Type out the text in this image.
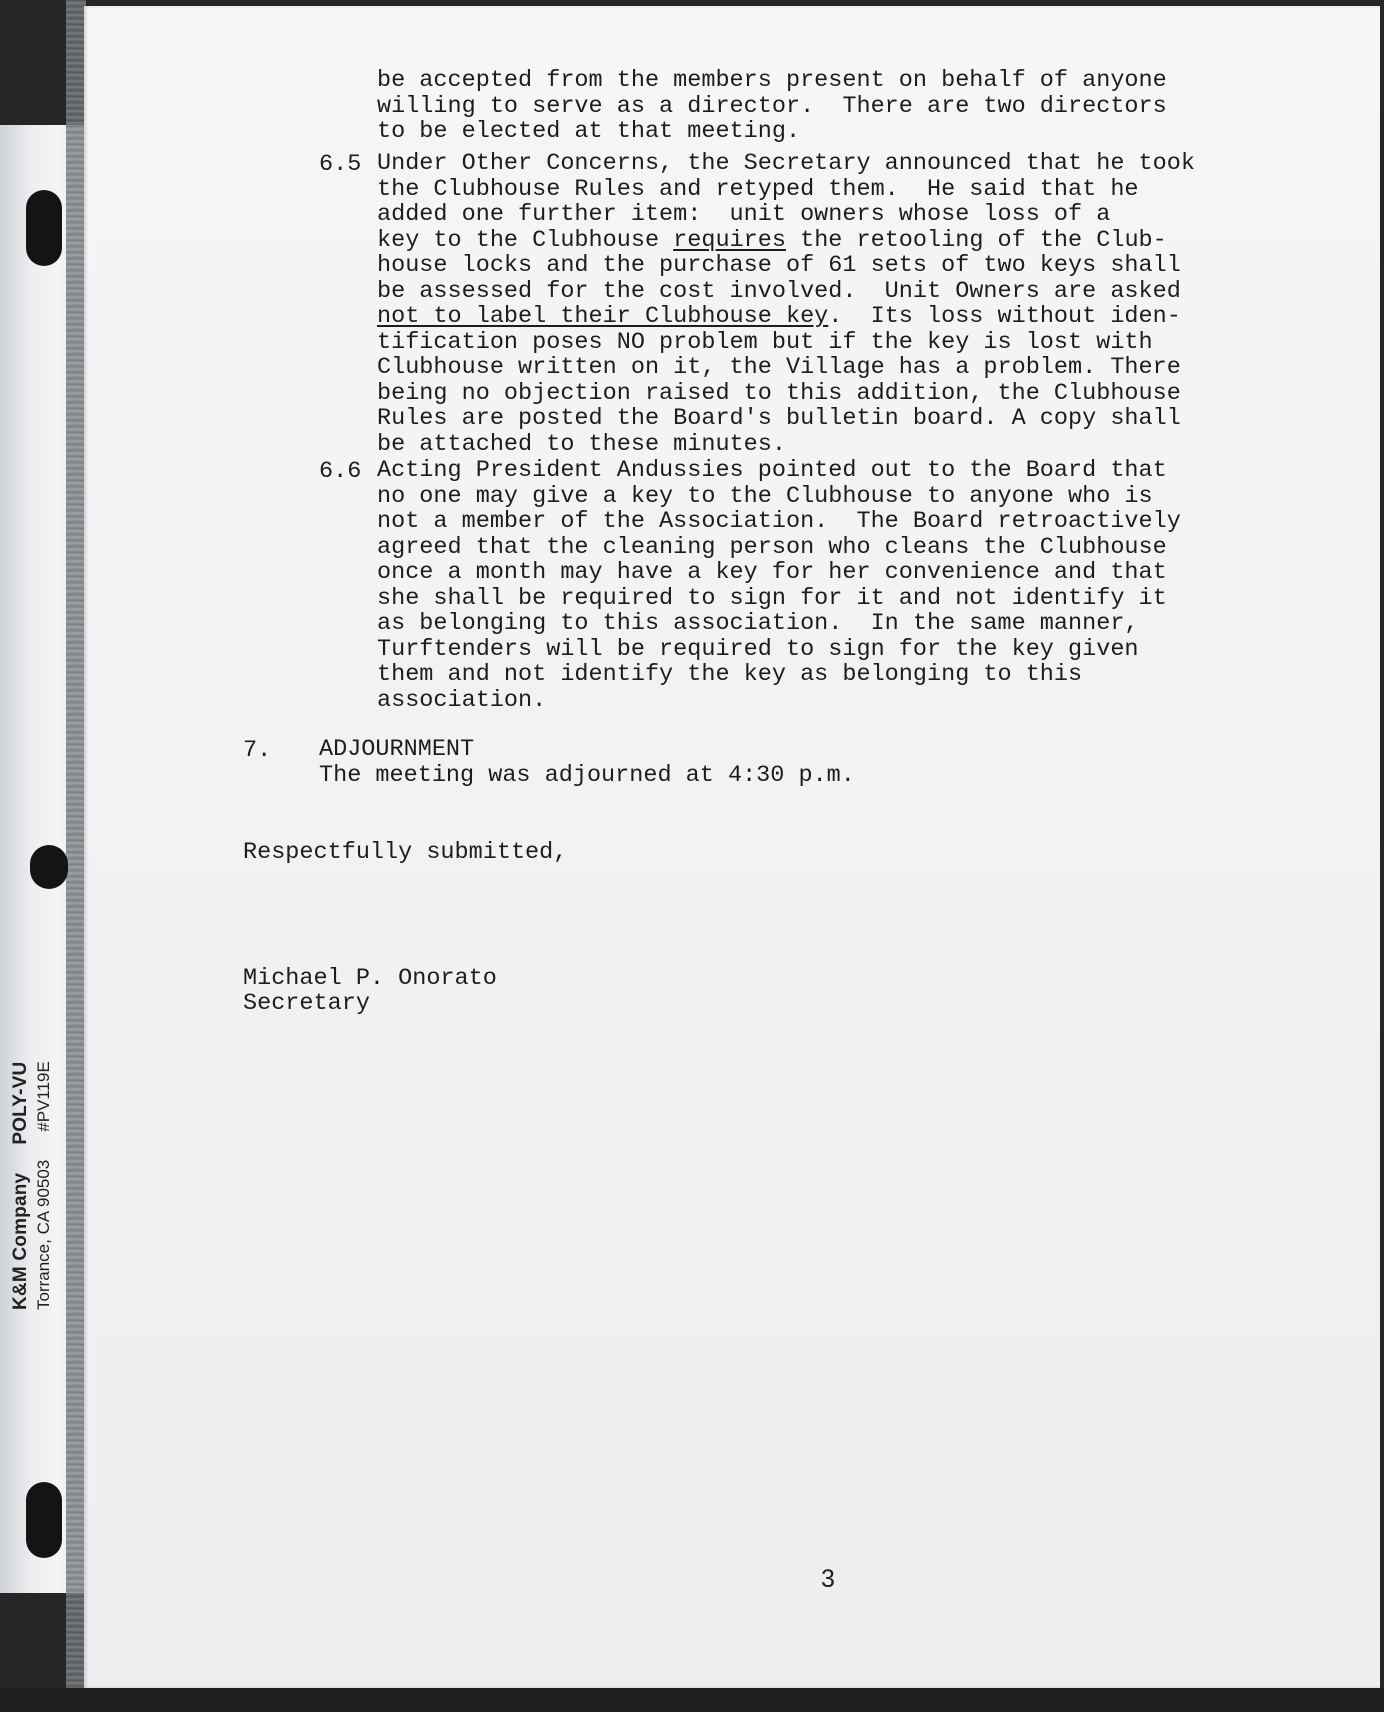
K&M CompanyPOLY-VU
Torrance, CA 90503#PV119E
be accepted from the members present on behalf of anyone
willing to serve as a director.  There are two directors
to be elected at that meeting.
6.5 Under Other Concerns, the Secretary announced that he took
the Clubhouse Rules and retyped them.  He said that he
added one further item:  unit owners whose loss of a
key to the Clubhouse requires the retooling of the Club-
house locks and the purchase of 61 sets of two keys shall
be assessed for the cost involved.  Unit Owners are asked
not to label their Clubhouse key.  Its loss without iden-
tification poses NO problem but if the key is lost with
Clubhouse written on it, the Village has a problem. There
being no objection raised to this addition, the Clubhouse
Rules are posted the Board's bulletin board. A copy shall
be attached to these minutes.
6.6 Acting President Andussies pointed out to the Board that
no one may give a key to the Clubhouse to anyone who is
not a member of the Association.  The Board retroactively
agreed that the cleaning person who cleans the Clubhouse
once a month may have a key for her convenience and that
she shall be required to sign for it and not identify it
as belonging to this association.  In the same manner,
Turftenders will be required to sign for the key given
them and not identify the key as belonging to this
association.
7. ADJOURNMENT
The meeting was adjourned at 4:30 p.m.
Respectfully submitted,
Michael P. Onorato
Secretary
3
